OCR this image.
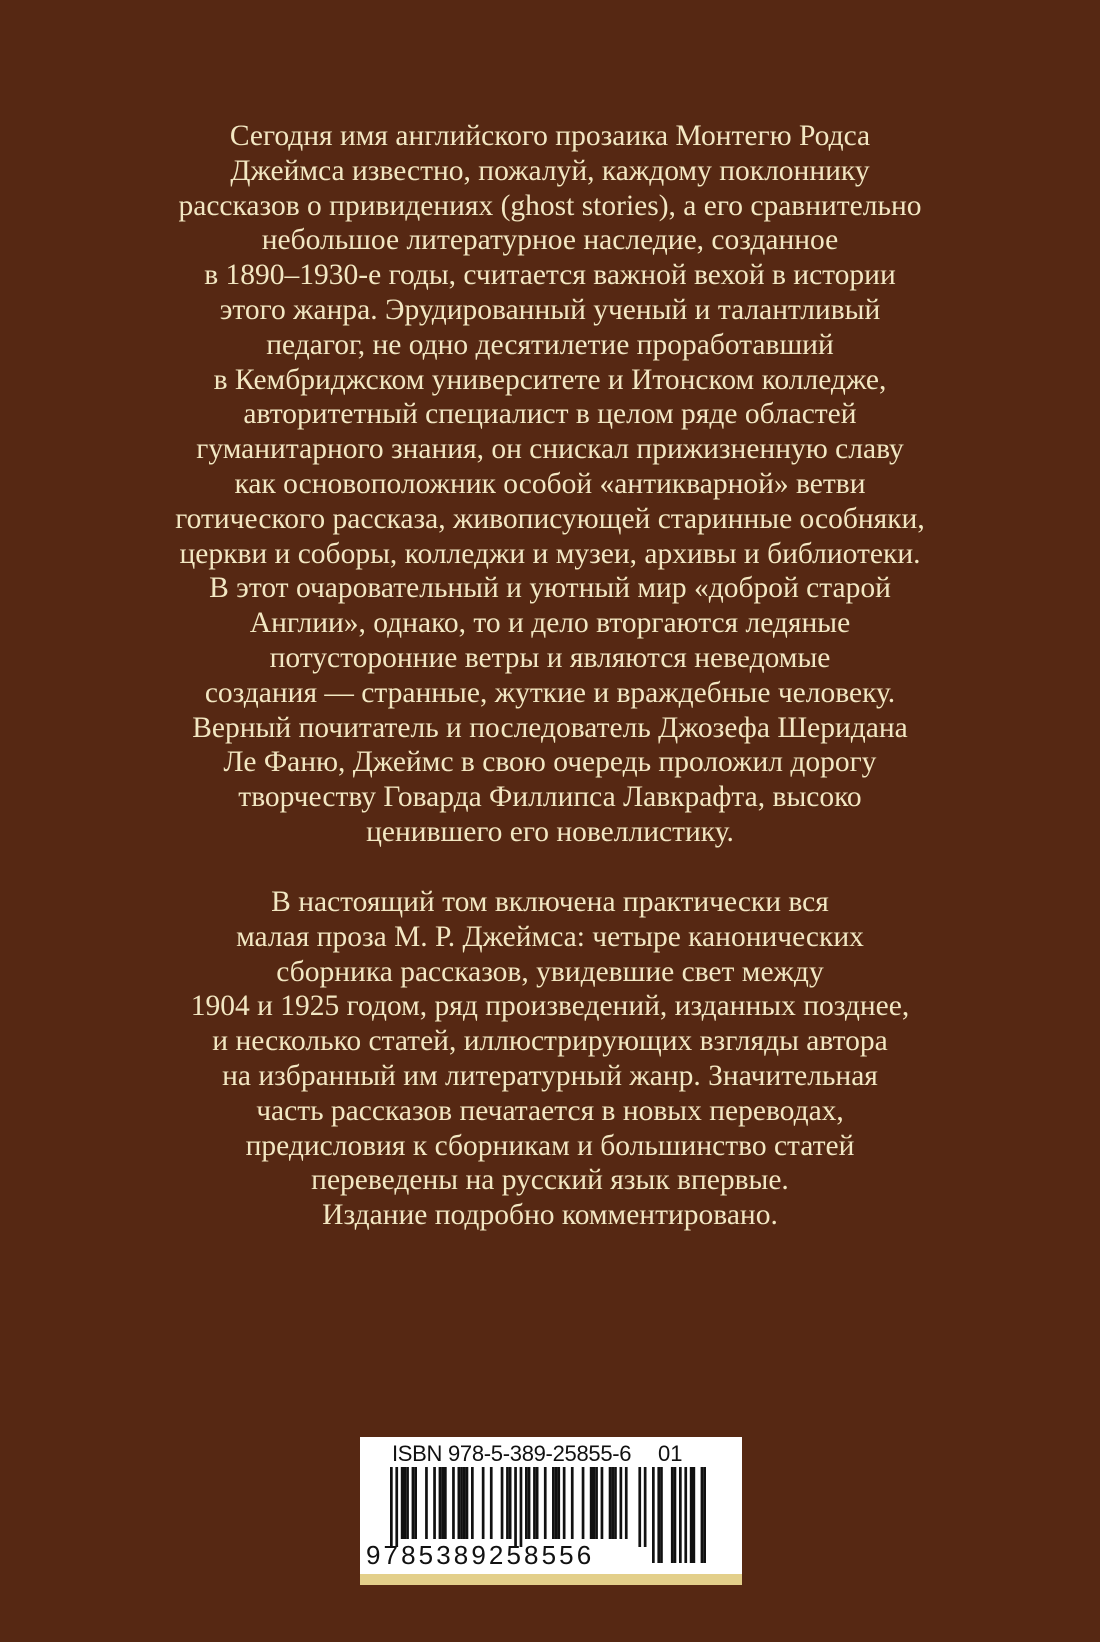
Сегодня имя английского прозаика Монтегю Родса
Джеймса известно, пожалуй, каждому поклоннику
рассказов о привидениях (ghost stories), а его сравнительно
небольшое литературное наследие, созданное
в 1890–1930-е годы, считается важной вехой в истории
этого жанра. Эрудированный ученый и талантливый
педагог, не одно десятилетие проработавший
в Кембриджском университете и Итонском колледже,
авторитетный специалист в целом ряде областей
гуманитарного знания, он снискал прижизненную славу
как основоположник особой «антикварной» ветви
готического рассказа, живописующей старинные особняки,
церкви и соборы, колледжи и музеи, архивы и библиотеки.
В этот очаровательный и уютный мир «доброй старой
Англии», однако, то и дело вторгаются ледяные
потусторонние ветры и являются неведомые
создания — странные, жуткие и враждебные человеку.
Верный почитатель и последователь Джозефа Шеридана
Ле Фаню, Джеймс в свою очередь проложил дорогу
творчеству Говарда Филлипса Лавкрафта, высоко
ценившего его новеллистику.
В настоящий том включена практически вся
малая проза М. Р. Джеймса: четыре канонических
сборника рассказов, увидевшие свет между
1904 и 1925 годом, ряд произведений, изданных позднее,
и несколько статей, иллюстрирующих взгляды автора
на избранный им литературный жанр. Значительная
часть рассказов печатается в новых переводах,
предисловия к сборникам и большинство статей
переведены на русский язык впервые.
Издание подробно комментировано.
ISBN 978-5-389-25855-6 01
9785389258556
